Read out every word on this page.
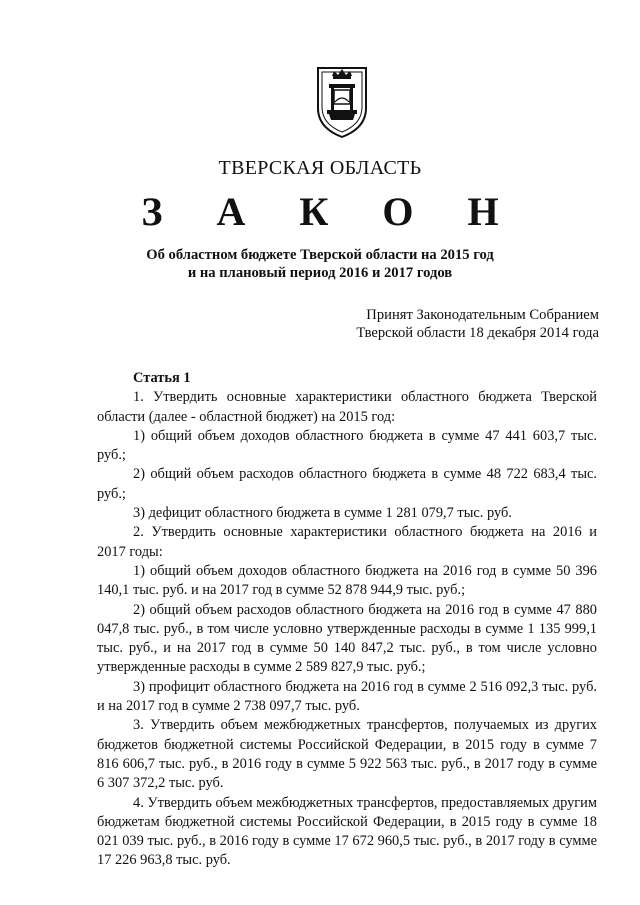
ТВЕРСКАЯ ОБЛАСТЬ
З А К О Н
Об областном бюджете Тверской области на 2015 год
и на плановый период 2016 и 2017 годов
Принят Законодательным Собранием
Тверской области 18 декабря 2014 года
Статья 1

1. Утвердить основные характеристики областного бюджета Тверской области (далее - областной бюджет) на 2015 год:

1) общий объем доходов областного бюджета в сумме 47 441 603,7 тыс. руб.;

2) общий объем расходов областного бюджета в сумме 48 722 683,4 тыс. руб.;

3) дефицит областного бюджета в сумме 1 281 079,7 тыс. руб.

2. Утвердить основные характеристики областного бюджета на 2016 и 2017 годы:

1) общий объем доходов областного бюджета на 2016 год в сумме 50 396 140,1 тыс. руб. и на 2017 год в сумме 52 878 944,9 тыс. руб.;

2) общий объем расходов областного бюджета на 2016 год в сумме 47 880 047,8 тыс. руб., в том числе условно утвержденные расходы в сумме 1 135 999,1 тыс. руб., и на 2017 год в сумме 50 140 847,2 тыс. руб., в том числе условно утвержденные расходы в сумме 2 589 827,9 тыс. руб.;

3) профицит областного бюджета на 2016 год в сумме 2 516 092,3 тыс. руб. и на 2017 год в сумме 2 738 097,7 тыс. руб.

3. Утвердить объем межбюджетных трансфертов, получаемых из других бюджетов бюджетной системы Российской Федерации, в 2015 году в сумме 7 816 606,7 тыс. руб., в 2016 году в сумме 5 922 563 тыс. руб., в 2017 году в сумме 6 307 372,2 тыс. руб.

4. Утвердить объем межбюджетных трансфертов, предоставляемых другим бюджетам бюджетной системы Российской Федерации, в 2015 году в сумме 18 021 039 тыс. руб., в 2016 году в сумме 17 672 960,5 тыс. руб., в 2017 году в сумме 17 226 963,8 тыс. руб.
